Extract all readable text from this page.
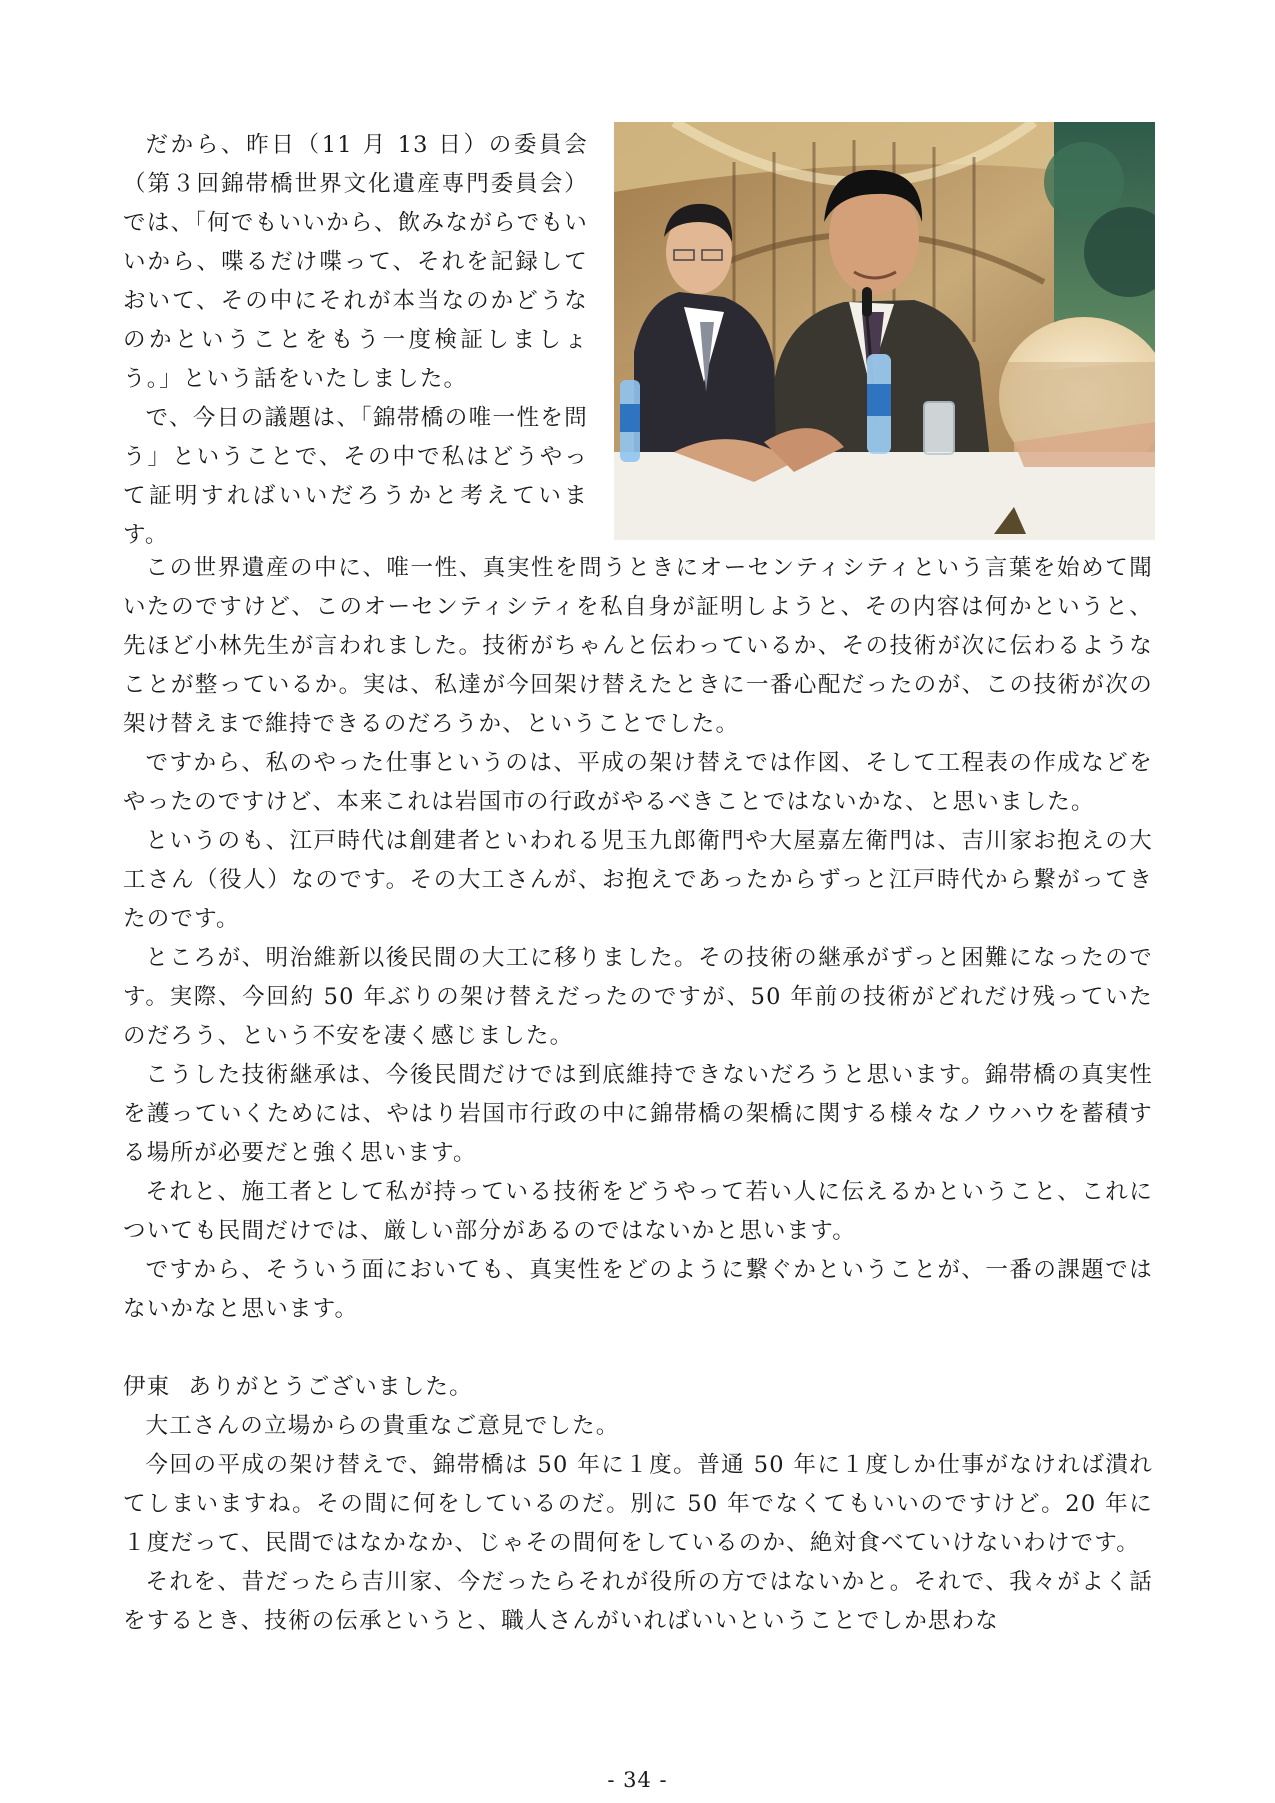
だから、昨日（11 月 13 日）の委員会（第３回錦帯橋世界文化遺産専門委員会）では、「何でもいいから、飲みながらでもいいから、喋るだけ喋って、それを記録しておいて、その中にそれが本当なのかどうなのかということをもう一度検証しましょう。」という話をいたしました。

で、今日の議題は、「錦帯橋の唯一性を問う」ということで、その中で私はどうやって証明すればいいだろうかと考えています。

この世界遺産の中に、唯一性、真実性を問うときにオーセンティシティという言葉を始めて聞いたのですけど、このオーセンティシティを私自身が証明しようと、その内容は何かというと、先ほど小林先生が言われました。技術がちゃんと伝わっているか、その技術が次に伝わるようなことが整っているか。実は、私達が今回架け替えたときに一番心配だったのが、この技術が次の架け替えまで維持できるのだろうか、ということでした。

ですから、私のやった仕事というのは、平成の架け替えでは作図、そして工程表の作成などをやったのですけど、本来これは岩国市の行政がやるべきことではないかな、と思いました。

というのも、江戸時代は創建者といわれる児玉九郎衛門や大屋嘉左衛門は、吉川家お抱えの大工さん（役人）なのです。その大工さんが、お抱えであったからずっと江戸時代から繋がってきたのです。

ところが、明治維新以後民間の大工に移りました。その技術の継承がずっと困難になったのです。実際、今回約 50 年ぶりの架け替えだったのですが、50 年前の技術がどれだけ残っていたのだろう、という不安を凄く感じました。

こうした技術継承は、今後民間だけでは到底維持できないだろうと思います。錦帯橋の真実性を護っていくためには、やはり岩国市行政の中に錦帯橋の架橋に関する様々なノウハウを蓄積する場所が必要だと強く思います。

それと、施工者として私が持っている技術をどうやって若い人に伝えるかということ、これについても民間だけでは、厳しい部分があるのではないかと思います。

ですから、そういう面においても、真実性をどのように繋ぐかということが、一番の課題ではないかなと思います。

伊東 ありがとうございました。

大工さんの立場からの貴重なご意見でした。

今回の平成の架け替えで、錦帯橋は 50 年に１度。普通 50 年に１度しか仕事がなければ潰れてしまいますね。その間に何をしているのだ。別に 50 年でなくてもいいのですけど。20 年に１度だって、民間ではなかなか、じゃその間何をしているのか、絶対食べていけないわけです。

それを、昔だったら吉川家、今だったらそれが役所の方ではないかと。それで、我々がよく話をするとき、技術の伝承というと、職人さんがいればいいということでしか思わな

- 34 -
